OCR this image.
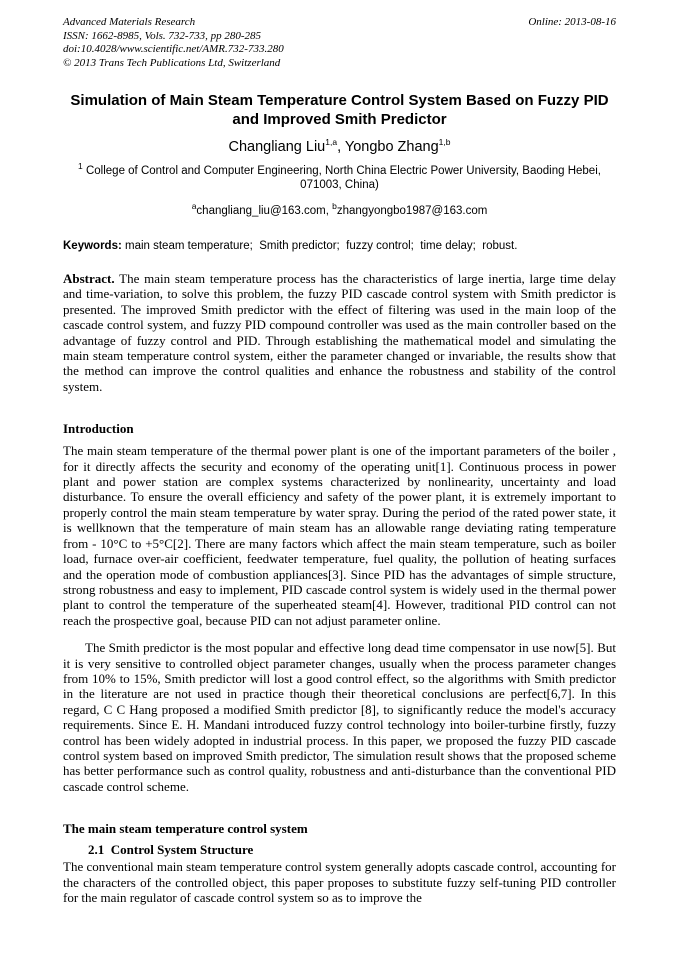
Advanced Materials Research	Online: 2013-08-16
ISSN: 1662-8985, Vols. 732-733, pp 280-285
doi:10.4028/www.scientific.net/AMR.732-733.280
© 2013 Trans Tech Publications Ltd, Switzerland
Simulation of Main Steam Temperature Control System Based on Fuzzy PID and Improved Smith Predictor
Changliang Liu$^{1,a}$, Yongbo Zhang$^{1,b}$
$^1$ College of Control and Computer Engineering, North China Electric Power University, Baoding Hebei, 071003, China)
$^a$changliang_liu@163.com, $^b$zhangyongbo1987@163.com
Keywords: main steam temperature;  Smith predictor;  fuzzy control;  time delay;  robust.
Abstract. The main steam temperature process has the characteristics of large inertia, large time delay and time-variation, to solve this problem, the fuzzy PID cascade control system with Smith predictor is presented. The improved Smith predictor with the effect of filtering was used in the main loop of the cascade control system, and fuzzy PID compound controller was used as the main controller based on the advantage of fuzzy control and PID. Through establishing the mathematical model and simulating the main steam temperature control system, either the parameter changed or invariable, the results show that the method can improve the control qualities and enhance the robustness and stability of the control system.
Introduction
The main steam temperature of the thermal power plant is one of the important parameters of the boiler , for it directly affects the security and economy of the operating unit[1]. Continuous process in power plant and power station are complex systems characterized by nonlinearity, uncertainty and load disturbance. To ensure the overall efficiency and safety of the power plant, it is extremely important to properly control the main steam temperature by water spray. During the period of the rated power state, it is wellknown that the temperature of main steam has an allowable range deviating rating temperature from - 10°C to +5°C[2]. There are many factors which affect the main steam temperature, such as boiler load, furnace over-air coefficient, feedwater temperature, fuel quality, the pollution of heating surfaces and the operation mode of combustion appliances[3]. Since PID has the advantages of simple structure, strong robustness and easy to implement, PID cascade control system is widely used in the thermal power plant to control the temperature of the superheated steam[4]. However, traditional PID control can not reach the prospective goal, because PID can not adjust parameter online.
The Smith predictor is the most popular and effective long dead time compensator in use now[5]. But it is very sensitive to controlled object parameter changes, usually when the process parameter changes from 10% to 15%, Smith predictor will lost a good control effect, so the algorithms with Smith predictor in the literature are not used in practice though their theoretical conclusions are perfect[6,7]. In this regard, C C Hang proposed a modified Smith predictor [8], to significantly reduce the model's accuracy requirements. Since E. H. Mandani introduced fuzzy control technology into boiler-turbine firstly, fuzzy control has been widely adopted in industrial process. In this paper, we proposed the fuzzy PID cascade control system based on improved Smith predictor, The simulation result shows that the proposed scheme has better performance such as control quality, robustness and anti-disturbance than the conventional PID cascade control scheme.
The main steam temperature control system
2.1  Control System Structure
The conventional main steam temperature control system generally adopts cascade control, accounting for the characters of the controlled object, this paper proposes to substitute fuzzy self-tuning PID controller for the main regulator of cascade control system so as to improve the
